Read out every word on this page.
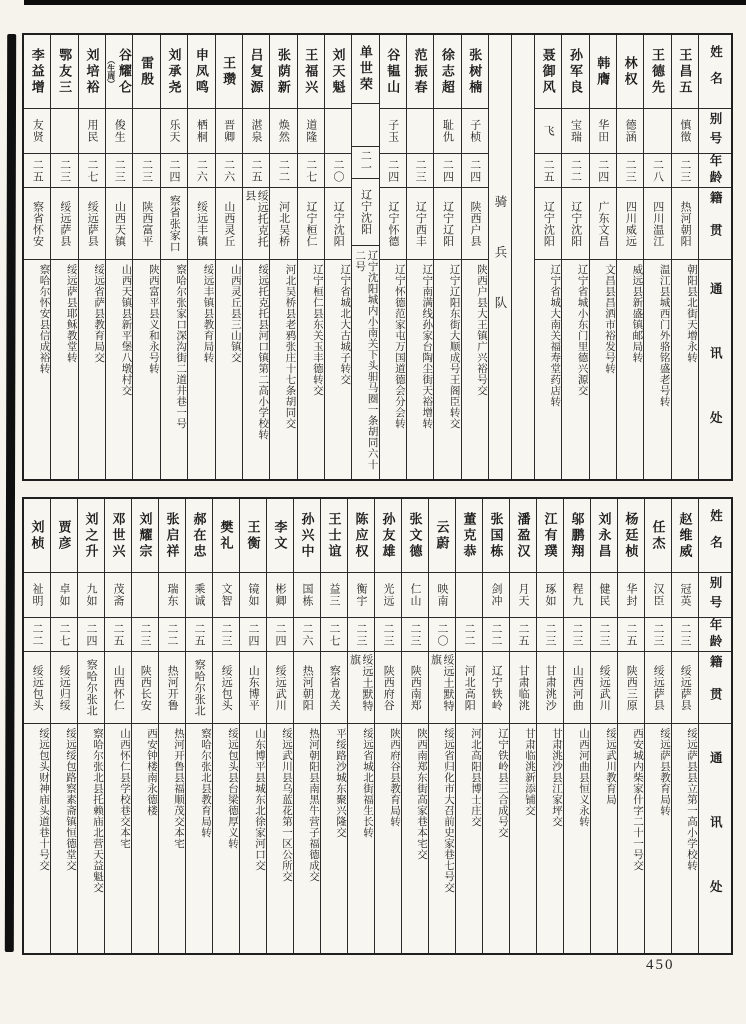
姓名
别号
年龄
籍贯
通讯处
王昌五
慎徵
二三
热河朝阳
朝阳县北街天增永转
王德先
二八
四川温江
温江县城西门外骆铭盛老号转
林权
德涵
二三
四川威远
威远县新盛镇邮局转
韩膺
华田
二四
广东文昌
文昌县昌洒市裕发号转
孙军良
宝瑞
二二
辽宁沈阳
辽宁省城小东门里德兴源交
聂御风
飞
二五
辽宁沈阳
辽宁省城大南关福寿堂药店转
骑兵队
张树楠
子桢
二四
陕西户县
陕西户县大王镇广兴裕号交
徐志超
耻仇
二四
辽宁辽阳
辽宁辽阳东街大顺成号王阁臣转交
范振春
二三
辽宁西丰
辽宁南满线孙家台陶尘街天裕增转
谷韫山
子玉
二四
辽宁怀德
辽宁怀德范家屯万国道德会分会转
单世荣
二一
辽宁沈阳
辽宁沈阳城内小南关下头驲马圈一条胡同六十二号
刘天魁
二〇
辽宁沈阳
辽宁省城北大古城子转交
王福兴
道隆
二七
辽宁桓仁
辽宁桓仁县东关玉丰德转交
张荫新
焕然
二二
河北吴桥
河北吴桥县老鸦张庄十七条胡同交
吕复源
湛泉
二五
绥远托克托县
绥远托克托县河口镇第二高小学校转
王瓒
晋卿
二六
山西灵丘
山西灵丘县三山镇交
申凤鸣
栖桐
二六
绥远丰镇
绥远丰镇县教育局转
刘承尧
乐天
二四
察省张家口
察哈尔张家口深沟街二道井巷一号
雷殷
二三
陕西富平
陕西富平县义和永号转
谷耀仑
（生周）
俊生
二三
山西天镇
山西天镇县新平堡八墩村交
刘培裕
用民
二七
绥远萨县
绥远省萨县教育局交
鄂友三
二三
绥远萨县
绥远萨县耶稣教堂转
李益增
友贤
二五
察省怀安
察哈尔怀安县信成裕转
姓名
别号
年龄
籍贯
通讯处
赵维威
冠英
二三
绥远萨县
绥远萨县县立第一高小学校转
任杰
汉臣
二三
绥远萨县
绥远萨县教育局转
杨廷桢
华封
二五
陕西三原
西安城内柴家什字二十一号交
刘永昌
健民
二三
绥远武川
绥远武川教育局
邬鹏翔
程九
二三
山西河曲
山西河曲县恒义永转
江有璞
琢如
二三
甘肃洮沙
甘肃洮沙县江家坪交
潘盈汉
月天
二五
甘肃临洮
甘肃临洮新添铺交
张国栋
剑冲
二二
辽宁铁岭
辽宁铁岭县三合成号交
董克恭
二二
河北高阳
河北高阳县博士庄交
云蔚
映南
二〇
绥远土默特旗
绥远省归化市大召前史家巷七号交
张文德
仁山
二三
陕西南郑
陕西南郑东街高家巷本宅交
孙友雄
光远
二三
陕西府谷
陕西府谷县教育局转
陈应权
衡宇
二三
绥远土默特旗
绥远省城北街福生长转
王士谊
益三
二七
察省龙关
平绥路沙城东聚兴隆交
孙兴中
国栋
二六
热河朝阳
热河朝阳县南黑牛营子福德成交
李文
彬卿
二四
绥远武川
绥远武川县乌蓝花第一区公所交
王衡
镜如
二四
山东博平
山东博平县城东北徐家河口交
樊礼
文智
二三
绥远包头
绥远包头县台梁德厚义转
郝在忠
乘诚
二五
察哈尔张北
察哈尔张北县教育局转
张启祥
瑞东
二二
热河开鲁
热河开鲁县福顺茂交本宅
刘耀宗
二三
陕西长安
西安钟楼南永德楼
邓世兴
茂斋
二五
山西怀仁
山西怀仁县学校巷交本宅
刘之升
九如
二四
察哈尔张北
察哈尔张北县托赖庙北营天益魁交
贾彦
卓如
二七
绥远归绥
绥远绥包路察素斋镇恒德堂交
刘桢
祉明
二二
绥远包头
绥远包头财神庙头道巷十号交
450
